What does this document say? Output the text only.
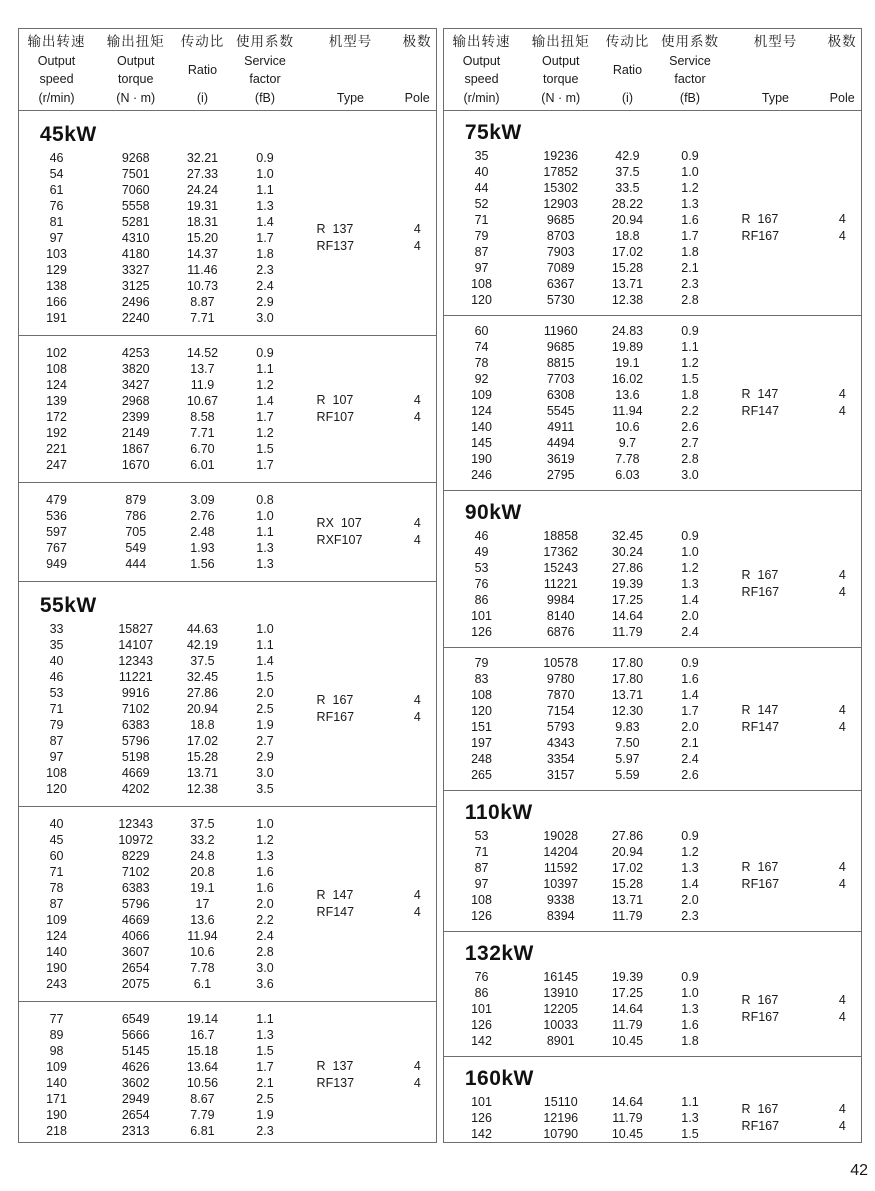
输出转速
Output
speed
(r/min)
输出扭矩
Output
torque
(N · m)
传动比
Ratio
(i)
使用系数
Service
factor
(fB)
机型号
Type
极数
Pole
45kW
46	9268	32.21	0.9
54	7501	27.33	1.0
61	7060	24.24	1.1
76	5558	19.31	1.3
81	5281	18.31	1.4
97	4310	15.20	1.7
103	4180	14.37	1.8
129	3327	11.46	2.3
138	3125	10.73	2.4
166	2496	8.87	2.9
191	2240	7.71	3.0
R  137	4
RF137	4
102	4253	14.52	0.9
108	3820	13.7	1.1
124	3427	11.9	1.2
139	2968	10.67	1.4
172	2399	8.58	1.7
192	2149	7.71	1.2
221	1867	6.70	1.5
247	1670	6.01	1.7
R  107	4
RF107	4
479	879	3.09	0.8
536	786	2.76	1.0
597	705	2.48	1.1
767	549	1.93	1.3
949	444	1.56	1.3
RX  107	4
RXF107	4
55kW
33	15827	44.63	1.0
35	14107	42.19	1.1
40	12343	37.5	1.4
46	11221	32.45	1.5
53	9916	27.86	2.0
71	7102	20.94	2.5
79	6383	18.8	1.9
87	5796	17.02	2.7
97	5198	15.28	2.9
108	4669	13.71	3.0
120	4202	12.38	3.5
R  167	4
RF167	4
40	12343	37.5	1.0
45	10972	33.2	1.2
60	8229	24.8	1.3
71	7102	20.8	1.6
78	6383	19.1	1.6
87	5796	17	2.0
109	4669	13.6	2.2
124	4066	11.94	2.4
140	3607	10.6	2.8
190	2654	7.78	3.0
243	2075	6.1	3.6
R  147	4
RF147	4
77	6549	19.14	1.1
89	5666	16.7	1.3
98	5145	15.18	1.5
109	4626	13.64	1.7
140	3602	10.56	2.1
171	2949	8.67	2.5
190	2654	7.79	1.9
218	2313	6.81	2.3
R  137	4
RF137	4
输出转速
Output
speed
(r/min)
输出扭矩
Output
torque
(N · m)
传动比
Ratio
(i)
使用系数
Service
factor
(fB)
机型号
Type
极数
Pole
75kW
35	19236	42.9	0.9
40	17852	37.5	1.0
44	15302	33.5	1.2
52	12903	28.22	1.3
71	9685	20.94	1.6
79	8703	18.8	1.7
87	7903	17.02	1.8
97	7089	15.28	2.1
108	6367	13.71	2.3
120	5730	12.38	2.8
R  167	4
RF167	4
60	11960	24.83	0.9
74	9685	19.89	1.1
78	8815	19.1	1.2
92	7703	16.02	1.5
109	6308	13.6	1.8
124	5545	11.94	2.2
140	4911	10.6	2.6
145	4494	9.7	2.7
190	3619	7.78	2.8
246	2795	6.03	3.0
R  147	4
RF147	4
90kW
46	18858	32.45	0.9
49	17362	30.24	1.0
53	15243	27.86	1.2
76	11221	19.39	1.3
86	9984	17.25	1.4
101	8140	14.64	2.0
126	6876	11.79	2.4
R  167	4
RF167	4
79	10578	17.80	0.9
83	9780	17.80	1.6
108	7870	13.71	1.4
120	7154	12.30	1.7
151	5793	9.83	2.0
197	4343	7.50	2.1
248	3354	5.97	2.4
265	3157	5.59	2.6
R  147	4
RF147	4
110kW
53	19028	27.86	0.9
71	14204	20.94	1.2
87	11592	17.02	1.3
97	10397	15.28	1.4
108	9338	13.71	2.0
126	8394	11.79	2.3
R  167	4
RF167	4
132kW
76	16145	19.39	0.9
86	13910	17.25	1.0
101	12205	14.64	1.3
126	10033	11.79	1.6
142	8901	10.45	1.8
R  167	4
RF167	4
160kW
101	15110	14.64	1.1
126	12196	11.79	1.3
142	10790	10.45	1.5
R  167	4
RF167	4
42
